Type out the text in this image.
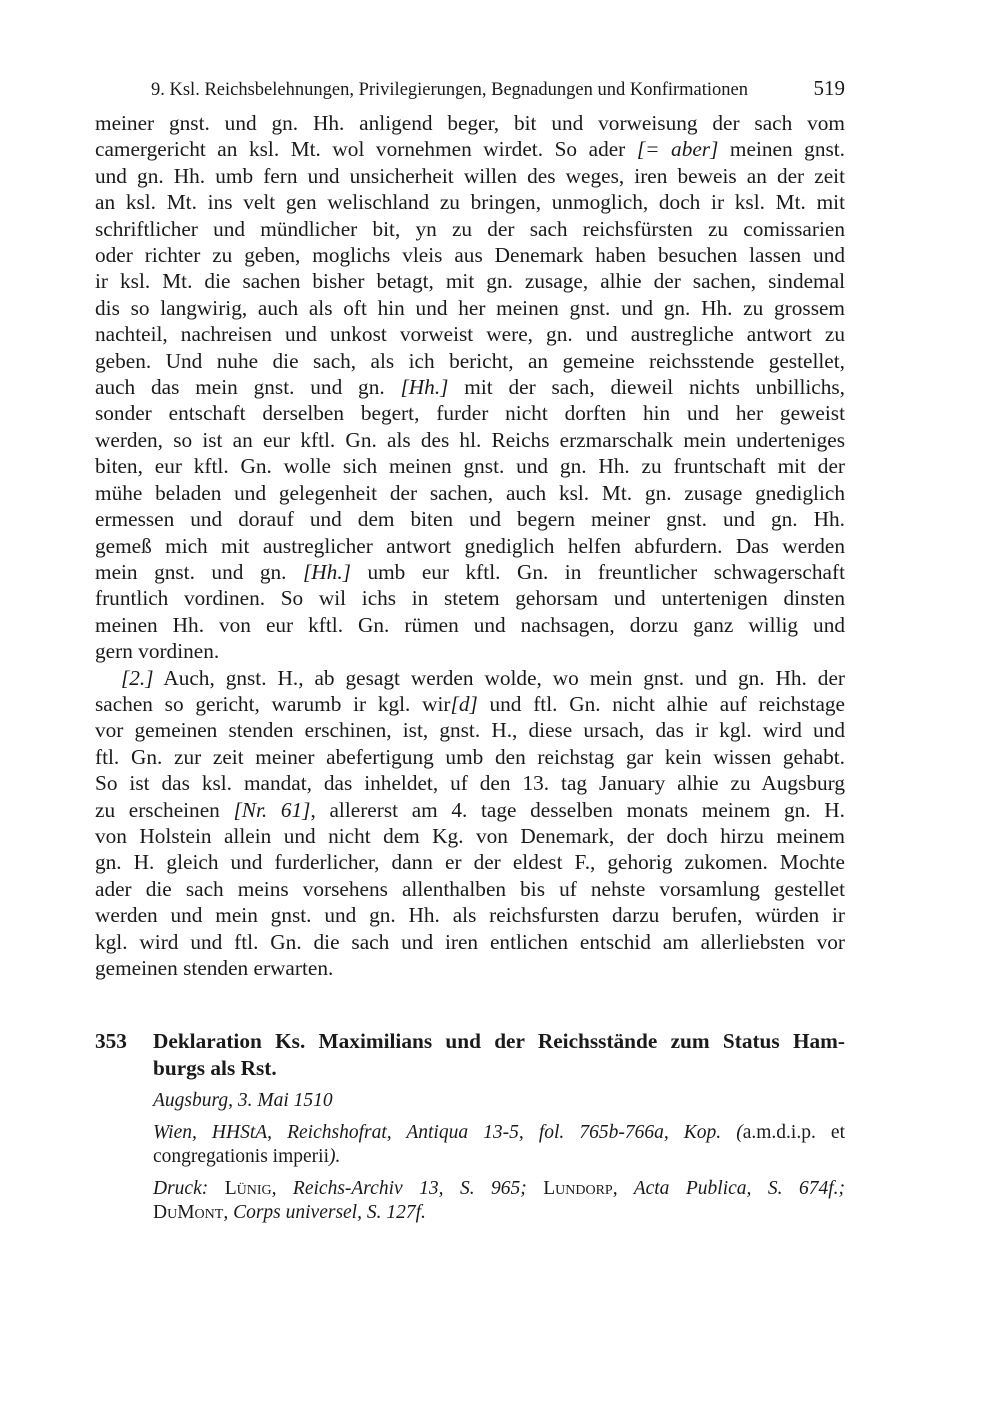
9. Ksl. Reichsbelehnungen, Privilegierungen, Begnadungen und Konfirmationen	519

meiner gnst. und gn. Hh. anligend beger, bit und vorweisung der sach vom
camergericht an ksl. Mt. wol vornehmen wirdet. So ader [= aber] meinen gnst.
und gn. Hh. umb fern und unsicherheit willen des weges, iren beweis an der zeit
an ksl. Mt. ins velt gen welischland zu bringen, unmoglich, doch ir ksl. Mt. mit
schriftlicher und mündlicher bit, yn zu der sach reichsfürsten zu comissarien
oder richter zu geben, moglichs vleis aus Denemark haben besuchen lassen und
ir ksl. Mt. die sachen bisher betagt, mit gn. zusage, alhie der sachen, sindemal
dis so langwirig, auch als oft hin und her meinen gnst. und gn. Hh. zu grossem
nachteil, nachreisen und unkost vorweist were, gn. und austregliche antwort zu
geben. Und nuhe die sach, als ich bericht, an gemeine reichsstende gestellet,
auch das mein gnst. und gn. [Hh.] mit der sach, dieweil nichts unbillichs,
sonder entschaft derselben begert, furder nicht dorften hin und her geweist
werden, so ist an eur kftl. Gn. als des hl. Reichs erzmarschalk mein underteniges
biten, eur kftl. Gn. wolle sich meinen gnst. und gn. Hh. zu fruntschaft mit der
mühe beladen und gelegenheit der sachen, auch ksl. Mt. gn. zusage gnediglich
ermessen und dorauf und dem biten und begern meiner gnst. und gn. Hh.
gemeß mich mit austreglicher antwort gnediglich helfen abfurdern. Das werden
mein gnst. und gn. [Hh.] umb eur kftl. Gn. in freuntlicher schwagerschaft
fruntlich vordinen. So wil ichs in stetem gehorsam und untertenigen dinsten
meinen Hh. von eur kftl. Gn. rümen und nachsagen, dorzu ganz willig und
gern vordinen.

[2.] Auch, gnst. H., ab gesagt werden wolde, wo mein gnst. und gn. Hh. der
sachen so gericht, warumb ir kgl. wir[d] und ftl. Gn. nicht alhie auf reichstage
vor gemeinen stenden erschinen, ist, gnst. H., diese ursach, das ir kgl. wird und
ftl. Gn. zur zeit meiner abefertigung umb den reichstag gar kein wissen gehabt.
So ist das ksl. mandat, das inheldet, uf den 13. tag January alhie zu Augsburg
zu erscheinen [Nr. 61], allererst am 4. tage desselben monats meinem gn. H.
von Holstein allein und nicht dem Kg. von Denemark, der doch hirzu meinem
gn. H. gleich und furderlicher, dann er der eldest F., gehorig zukomen. Mochte
ader die sach meins vorsehens allenthalben bis uf nehste vorsamlung gestellet
werden und mein gnst. und gn. Hh. als reichsfursten darzu berufen, würden ir
kgl. wird und ftl. Gn. die sach und iren entlichen entschid am allerliebsten vor
gemeinen stenden erwarten.

353	Deklaration Ks. Maximilians und der Reichsstände zum Status Ham-
burgs als Rst.

Augsburg, 3. Mai 1510

Wien, HHStA, Reichshofrat, Antiqua 13-5, fol. 765b-766a, Kop. (a.m.d.i.p. et
congregationis imperii).

Druck: Lünig, Reichs-Archiv 13, S. 965; Lundorp, Acta Publica, S. 674f.;
DuMont, Corps universel, S. 127f.
